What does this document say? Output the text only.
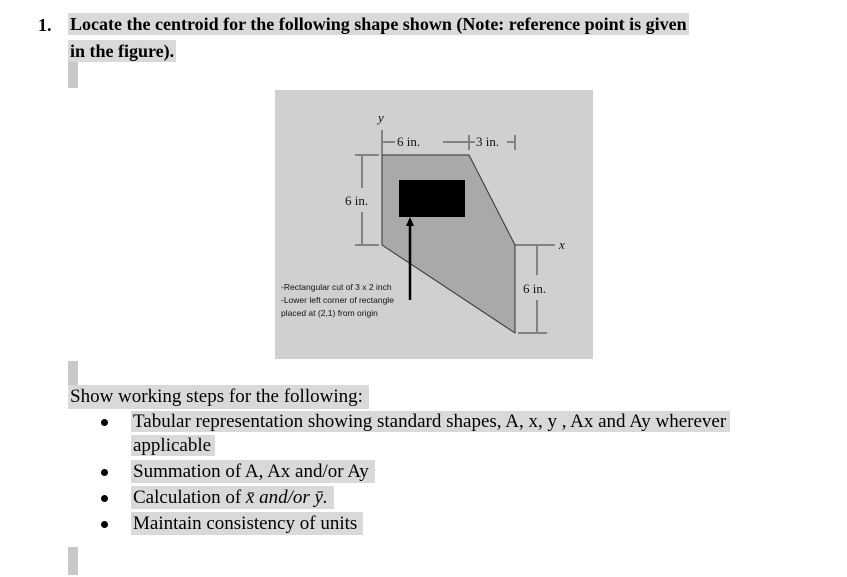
1. Locate the centroid for the following shape shown (Note: reference point is given
in the figure).
y
x
6 in.	3 in.
6 in.
6 in.
-Rectangular cut of 3 x 2 inch
-Lower left corner of rectangle
placed at (2,1) from origin
Show working steps for the following:
Tabular representation showing standard shapes, A, x, y , Ax and Ay wherever
applicable
Summation of A, Ax and/or Ay
Calculation of x̄ and/or ȳ.
Maintain consistency of units
